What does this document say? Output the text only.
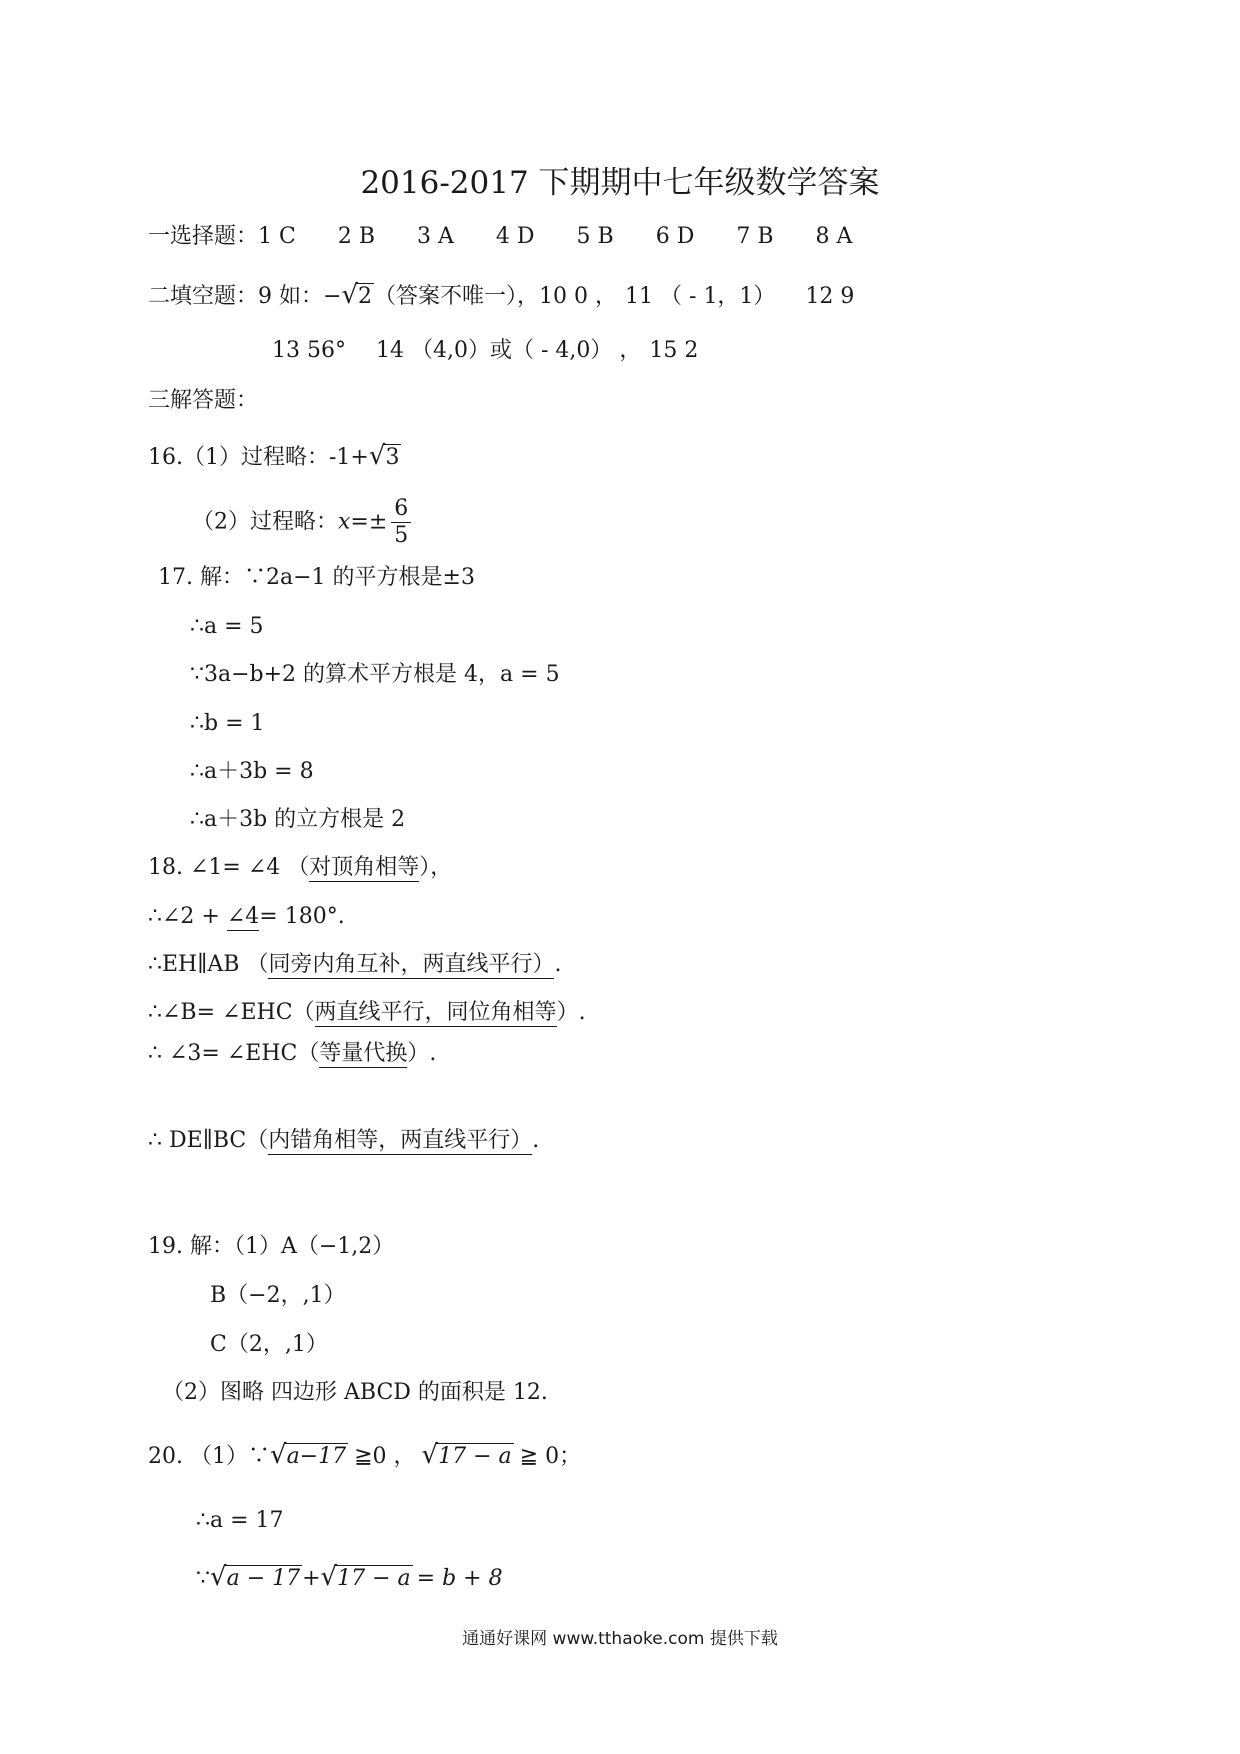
2016-2017 下期期中七年级数学答案
一选择题：1 C 2 B 3 A 4 D 5 B 6 D 7 B 8 A
二填空题：9 如：−√2（答案不唯一），10 0 ， 11 （ - 1，1） 12 9
13 56° 14 （4,0）或（ - 4,0） ， 15 2
三解答题：
16.（1）过程略：-1+√3
（2）过程略：$x=\pm \frac{6}{5}$
17. 解：∵2a−1 的平方根是±3
∴a = 5
∵3a−b+2 的算术平方根是 4，a = 5
∴b = 1
∴a＋3b = 8
∴a＋3b 的立方根是 2
18. ∠1= ∠4 （对顶角相等），
∴∠2 + ∠4= 180°.
∴EH∥AB （同旁内角互补，两直线平行）.
∴∠B= ∠EHC（两直线平行，同位角相等）.
∴ ∠3= ∠EHC（等量代换）.
∴ DE∥BC（内错角相等，两直线平行）.
19. 解：（1）A（−1,2）
B（−2，,1）
C（2，,1）
（2）图略 四边形 ABCD 的面积是 12.
20. （1）∵√a−17 ≧0 ， √17 − a ≧ 0；
∴a = 17
∵√a − 17+√17 − a = b + 8
通通好课网 www.tthaoke.com 提供下载
